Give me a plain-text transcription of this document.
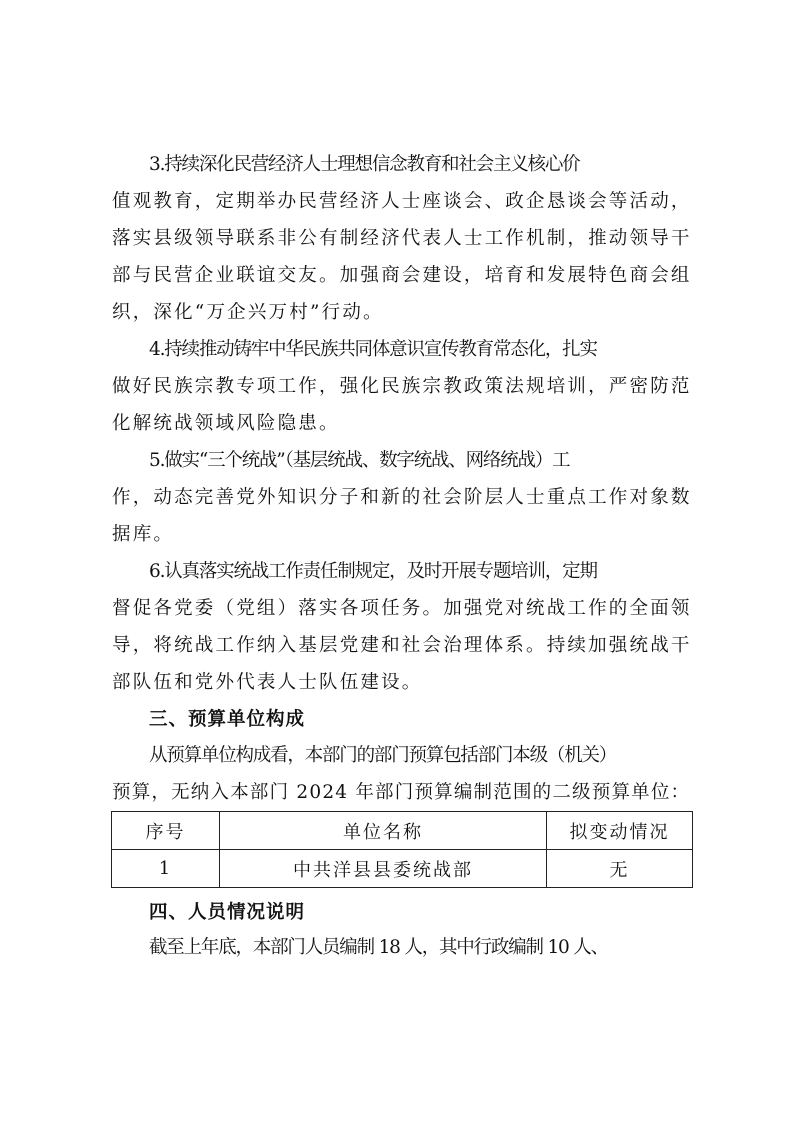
3.持续深化民营经济人士理想信念教育和社会主义核心价
值观教育，定期举办民营经济人士座谈会、政企恳谈会等活动，
落实县级领导联系非公有制经济代表人士工作机制，推动领导干
部与民营企业联谊交友。加强商会建设，培育和发展特色商会组
织，深化“万企兴万村”行动。
4.持续推动铸牢中华民族共同体意识宣传教育常态化，扎实
做好民族宗教专项工作，强化民族宗教政策法规培训，严密防范
化解统战领域风险隐患。
5.做实“三个统战”（基层统战、数字统战、网络统战）工
作，动态完善党外知识分子和新的社会阶层人士重点工作对象数
据库。
6.认真落实统战工作责任制规定，及时开展专题培训，定期
督促各党委（党组）落实各项任务。加强党对统战工作的全面领
导，将统战工作纳入基层党建和社会治理体系。持续加强统战干
部队伍和党外代表人士队伍建设。
三、预算单位构成
从预算单位构成看，本部门的部门预算包括部门本级（机关）
预算，无纳入本部门 2024 年部门预算编制范围的二级预算单位：
序号	单位名称	拟变动情况
1	中共洋县县委统战部	无
四、人员情况说明
截至上年底，本部门人员编制 18 人，其中行政编制 10 人、
